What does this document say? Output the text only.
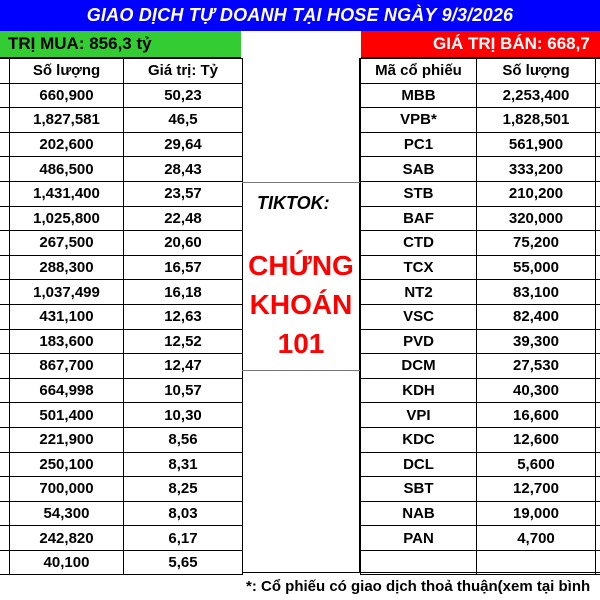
GIAO DỊCH TỰ DOANH TẠI HOSE NGÀY 9/3/2026
TRỊ MUA: 856,3 tỷ	GIÁ TRỊ BÁN: 668,7
	Số lượng	Giá trị: Tỷ
	660,900	50,23
	1,827,581	46,5
	202,600	29,64
	486,500	28,43
	1,431,400	23,57
	1,025,800	22,48
	267,500	20,60
	288,300	16,57
	1,037,499	16,18
	431,100	12,63
	183,600	12,52
	867,700	12,47
	664,998	10,57
	501,400	10,30
	221,900	8,56
	250,100	8,31
	700,000	8,25
	54,300	8,03
	242,820	6,17
	40,100	5,65
TIKTOK:
CHỨNG
KHOÁN
101
Mã cổ phiếu	Số lượng	
MBB	2,253,400	
VPB*	1,828,501	
PC1	561,900	
SAB	333,200	
STB	210,200	
BAF	320,000	
CTD	75,200	
TCX	55,000	
NT2	83,100	
VSC	82,400	
PVD	39,300	
DCM	27,530	
KDH	40,300	
VPI	16,600	
KDC	12,600	
DCL	5,600	
SBT	12,700	
NAB	19,000	
PAN	4,700	

*: Cổ phiếu có giao dịch thoả thuận(xem tại bình
